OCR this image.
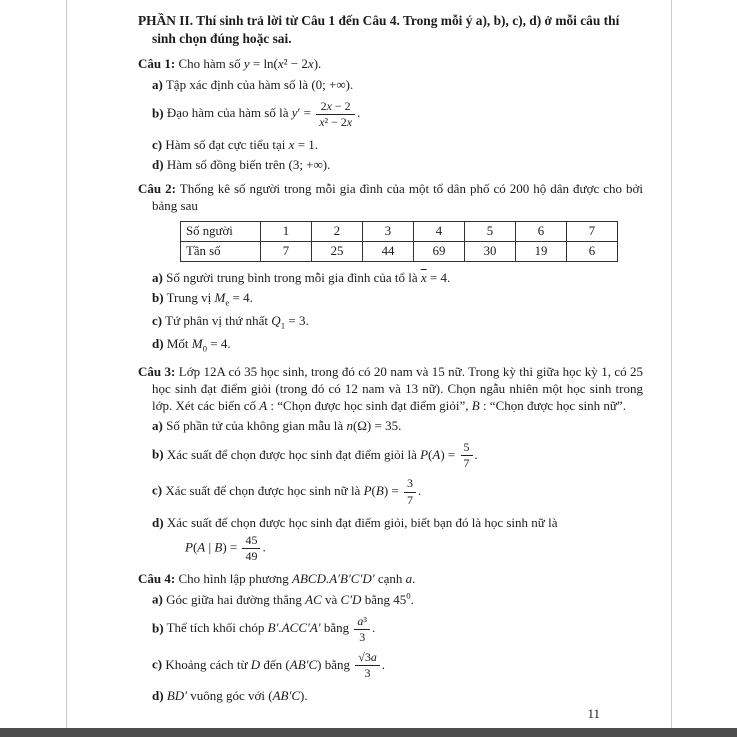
PHẦN II. Thí sinh trả lời từ Câu 1 đến Câu 4. Trong mỗi ý a), b), c), d) ở mỗi câu thí sinh chọn đúng hoặc sai.

Câu 1: Cho hàm số y = ln(x² − 2x).

a) Tập xác định của hàm số là (0; +∞).

b) Đạo hàm của hàm số là $y' = \frac{2x - 2}{\text{x² − 2x}}$ .

c) Hàm số đạt cực tiểu tại x = 1.

d) Hàm số đồng biến trên (3; +∞).

Câu 2: Thống kê số người trong mỗi gia đình của một tổ dân phố có 200 hộ dân được cho bởi bảng sau

Số người	1	2	3	4	5	6	7
Tần số	7	25	44	69	30	19	6

a) Số người trung bình trong mỗi gia đình của tổ là $\overline{x} = 4$.

b) Trung vị $M_e = 4$.

c) Tứ phân vị thứ nhất $Q_1 = 3$.

d) Mốt $M_0 = 4$.

Câu 3: Lớp 12A có 35 học sinh, trong đó có 20 nam và 15 nữ. Trong kỳ thi giữa học kỳ 1, có 25 học sinh đạt điểm giỏi (trong đó có 12 nam và 13 nữ). Chọn ngẫu nhiên một học sinh trong lớp. Xét các biến cố A : “Chọn được học sinh đạt điểm giỏi”, B : “Chọn được học sinh nữ”.

a) Số phần tử của không gian mẫu là n(Ω) = 35.

b) Xác suất để chọn được học sinh đạt điểm giỏi là $P(A) = \frac{5}{7}$ .

c) Xác suất để chọn được học sinh nữ là $P(B) = \frac{3}{7}$ .

d) Xác suất để chọn được học sinh đạt điểm giỏi, biết bạn đó là học sinh nữ là

P(A | $B) = \frac{45}{49}$ .

Câu 4: Cho hình lập phương ABCD.A′B′C′D′ cạnh a.

a) Góc giữa hai đường thẳng AC và C′D bằng $45^0$.

b) Thể tích khối chóp B′.ACC′A′ bằng $\frac{\text{a³}}{3}$ .

c) Khoảng cách từ D đến (AB′C) bằng $\frac{√3a}{3}$ .

d) BD′ vuông góc với (AB′C).

11
